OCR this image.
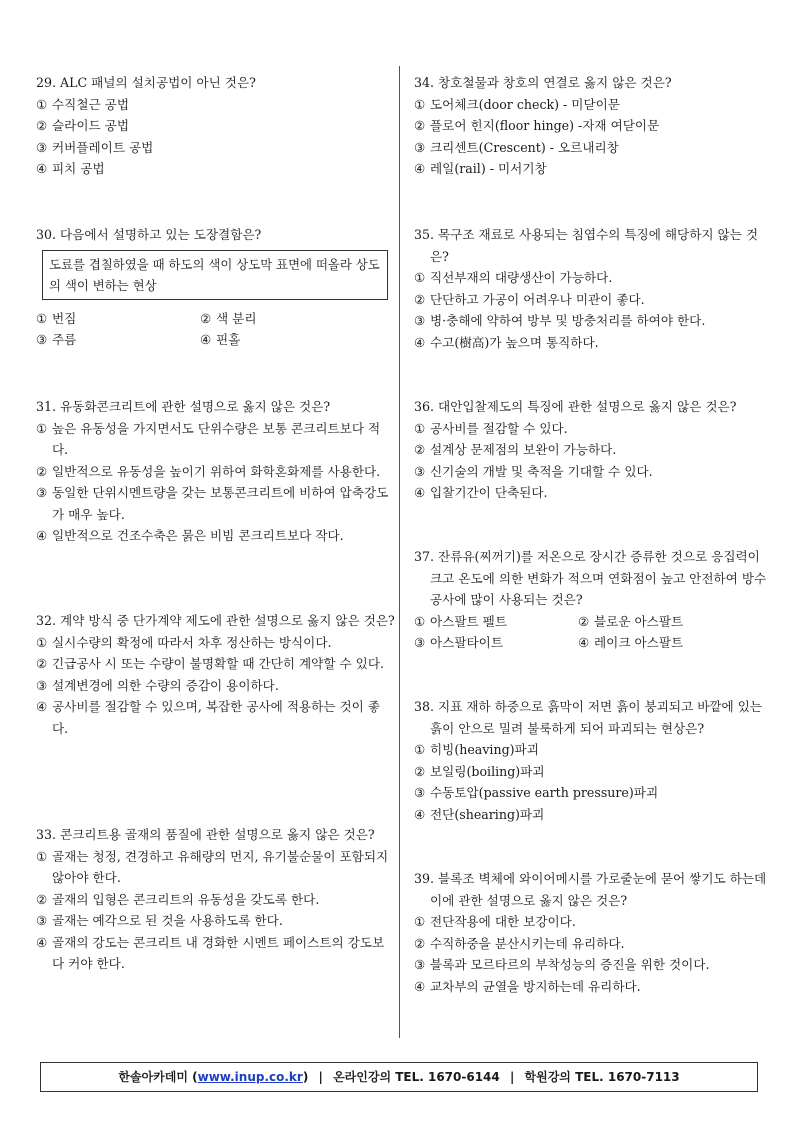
29. ALC 패널의 설치공법이 아닌 것은?
① 수직철근 공법
② 슬라이드 공법
③ 커버플레이트 공법
④ 피치 공법
30. 다음에서 설명하고 있는 도장결함은?
도료를 겹칠하였을 때 하도의 색이 상도막 표면에 떠올라 상도의 색이 변하는 현상
① 번짐	② 색 분리
③ 주름	④ 핀홀
31. 유동화콘크리트에 관한 설명으로 옳지 않은 것은?
① 높은 유동성을 가지면서도 단위수량은 보통 콘크리트보다 적다.
② 일반적으로 유동성을 높이기 위하여 화학혼화제를 사용한다.
③ 동일한 단위시멘트량을 갖는 보통콘크리트에 비하여 압축강도가 매우 높다.
④ 일반적으로 건조수축은 묽은 비빔 콘크리트보다 작다.
32. 계약 방식 중 단가계약 제도에 관한 설명으로 옳지 않은 것은?
① 실시수량의 확정에 따라서 차후 정산하는 방식이다.
② 긴급공사 시 또는 수량이 불명확할 때 간단히 계약할 수 있다.
③ 설계변경에 의한 수량의 증감이 용이하다.
④ 공사비를 절감할 수 있으며, 복잡한 공사에 적용하는 것이 좋다.
33. 콘크리트용 골재의 품질에 관한 설명으로 옳지 않은 것은?
① 골재는 청정, 견경하고 유해량의 먼지, 유기불순물이 포함되지 않아야 한다.
② 골재의 입형은 콘크리트의 유동성을 갖도록 한다.
③ 골재는 예각으로 된 것을 사용하도록 한다.
④ 골재의 강도는 콘크리트 내 경화한 시멘트 페이스트의 강도보다 커야 한다.
34. 창호철물과 창호의 연결로 옳지 않은 것은?
① 도어체크(door check) - 미닫이문
② 플로어 힌지(floor hinge) -자재 여닫이문
③ 크리센트(Crescent) - 오르내리창
④ 레일(rail) - 미서기창
35. 목구조 재료로 사용되는 침엽수의 특징에 해당하지 않는 것은?
① 직선부재의 대량생산이 가능하다.
② 단단하고 가공이 어려우나 미관이 좋다.
③ 병·충해에 약하여 방부 및 방충처리를 하여야 한다.
④ 수고(樹高)가 높으며 통직하다.
36. 대안입찰제도의 특징에 관한 설명으로 옳지 않은 것은?
① 공사비를 절감할 수 있다.
② 설계상 문제점의 보완이 가능하다.
③ 신기술의 개발 및 축적을 기대할 수 있다.
④ 입찰기간이 단축된다.
37. 잔류유(찌꺼기)를 저온으로 장시간 증류한 것으로 응집력이 크고 온도에 의한 변화가 적으며 연화점이 높고 안전하여 방수공사에 많이 사용되는 것은?
① 아스팔트 펠트	② 블로운 아스팔트
③ 아스팔타이트	④ 레이크 아스팔트
38. 지표 재하 하중으로 흙막이 저면 흙이 붕괴되고 바깥에 있는 흙이 안으로 밀려 불룩하게 되어 파괴되는 현상은?
① 히빙(heaving)파괴
② 보일링(boiling)파괴
③ 수동토압(passive earth pressure)파괴
④ 전단(shearing)파괴
39. 블록조 벽체에 와이어메시를 가로줄눈에 묻어 쌓기도 하는데 이에 관한 설명으로 옳지 않은 것은?
① 전단작용에 대한 보강이다.
② 수직하중을 분산시키는데 유리하다.
③ 블록과 모르타르의 부착성능의 증진을 위한 것이다.
④ 교차부의 균열을 방지하는데 유리하다.
한솔아카데미 (www.inup.co.kr) | 온라인강의 TEL. 1670-6144 | 학원강의 TEL. 1670-7113
